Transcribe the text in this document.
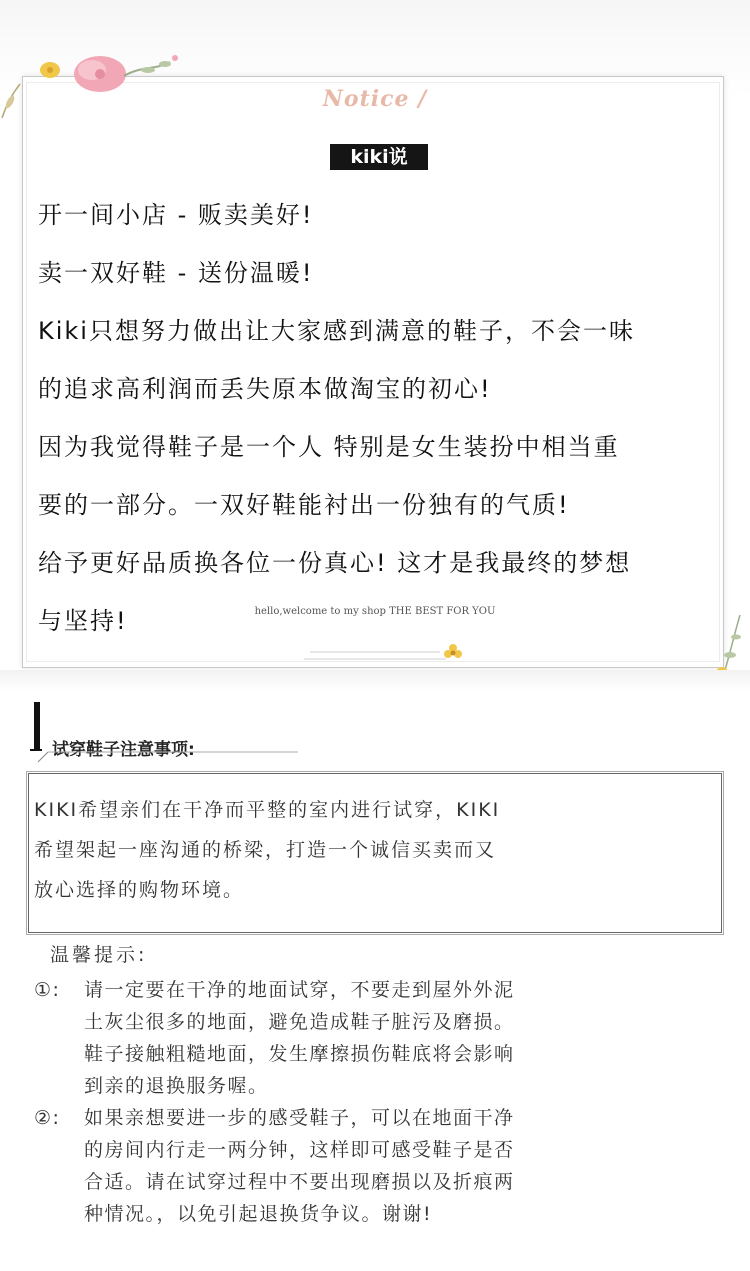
Notice /
kiki说
开一间小店 - 贩卖美好!
卖一双好鞋 - 送份温暖!
Kiki只想努力做出让大家感到满意的鞋子，不会一味
的追求高利润而丢失原本做淘宝的初心!
因为我觉得鞋子是一个人 特别是女生装扮中相当重
要的一部分。一双好鞋能衬出一份独有的气质!
给予更好品质换各位一份真心! 这才是我最终的梦想
与坚持!	hello,welcome to my shop THE BEST FOR YOU
试穿鞋子注意事项:
KIKI希望亲们在干净而平整的室内进行试穿，KIKI
希望架起一座沟通的桥梁，打造一个诚信买卖而又
放心选择的购物环境。
温馨提示:
①:	请一定要在干净的地面试穿，不要走到屋外外泥
土灰尘很多的地面，避免造成鞋子脏污及磨损。
鞋子接触粗糙地面，发生摩擦损伤鞋底将会影响
到亲的退换服务喔。
②:	如果亲想要进一步的感受鞋子，可以在地面干净
的房间内行走一两分钟，这样即可感受鞋子是否
合适。请在试穿过程中不要出现磨损以及折痕两
种情况。，以免引起退换货争议。谢谢!
